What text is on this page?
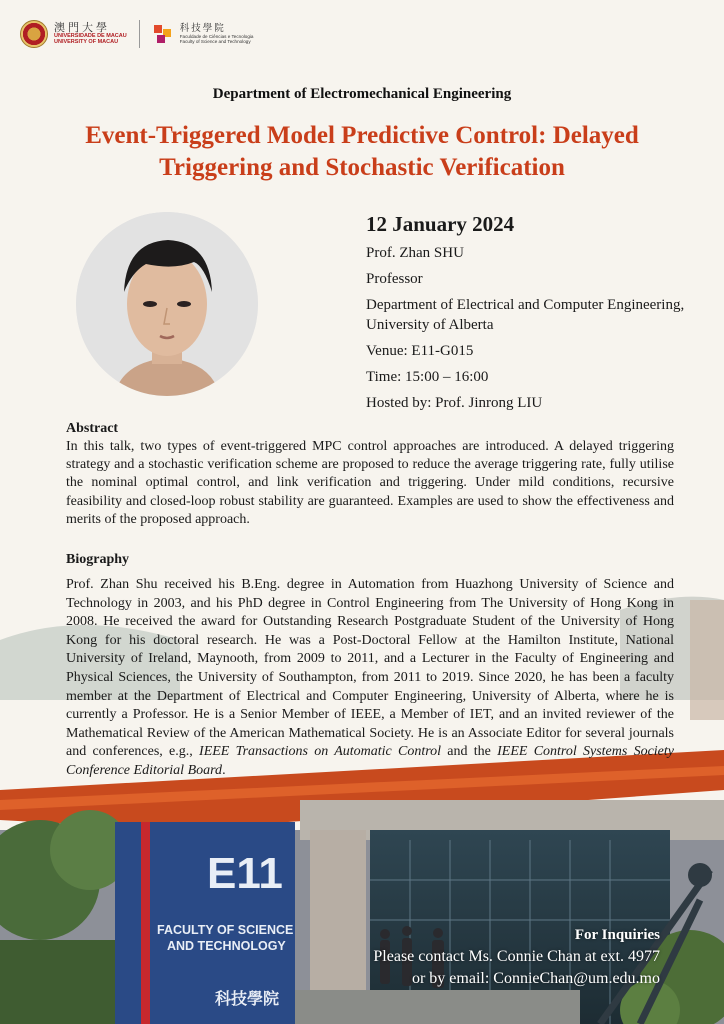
E11
FACULTY OF SCIENCE
AND TECHNOLOGY
科技學院
澳門大學
UNIVERSIDADE DE MACAU
UNIVERSITY OF MACAU
科技學院
Faculdade de Ciências e Tecnologia
Faculty of Science and Technology
Department of Electromechanical Engineering
Event-Triggered Model Predictive Control: Delayed
Triggering and Stochastic Verification
12 January 2024
Prof. Zhan SHU
Professor
Department of Electrical and Computer Engineering, University of Alberta
Venue: E11-G015
Time: 15:00 – 16:00
Hosted by: Prof. Jinrong LIU
Abstract
In this talk, two types of event-triggered MPC control approaches are introduced. A delayed triggering strategy and a stochastic verification scheme are proposed to reduce the average triggering rate, fully utilise the nominal optimal control, and link verification and triggering. Under mild conditions, recursive feasibility and closed-loop robust stability are guaranteed. Examples are used to show the effectiveness and merits of the proposed approach.
Biography
Prof. Zhan Shu received his B.Eng. degree in Automation from Huazhong University of Science and Technology in 2003, and his PhD degree in Control Engineering from The University of Hong Kong in 2008. He received the award for Outstanding Research Postgraduate Student of the University of Hong Kong for his doctoral research. He was a Post-Doctoral Fellow at the Hamilton Institute, National University of Ireland, Maynooth, from 2009 to 2011, and a Lecturer in the Faculty of Engineering and Physical Sciences, the University of Southampton, from 2011 to 2019. Since 2020, he has been a faculty member at the Department of Electrical and Computer Engineering, University of Alberta, where he is currently a Professor. He is a Senior Member of IEEE, a Member of IET, and an invited reviewer of the Mathematical Review of the American Mathematical Society. He is an Associate Editor for several journals and conferences, e.g., IEEE Transactions on Automatic Control and the IEEE Control Systems Society Conference Editorial Board.
For Inquiries
Please contact Ms. Connie Chan at ext. 4977
or by email: ConnieChan@um.edu.mo
